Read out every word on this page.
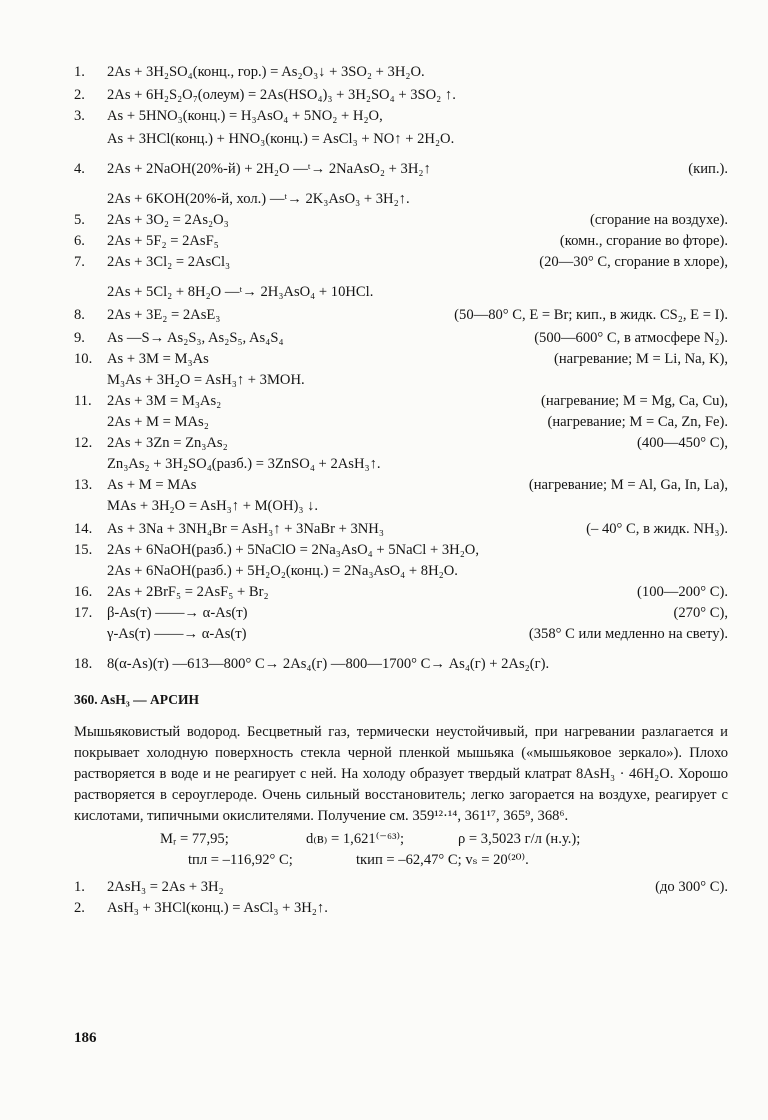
1.	2As + 3H₂SO₄(конц., гор.) = As₂O₃↓ + 3SO₂ + 3H₂O.
2.	2As + 6H₂S₂O₇(олеум) = 2As(HSO₄)₃ + 3H₂SO₄ + 3SO₂ ↑.
3.	As + 5HNO₃(конц.) = H₃AsO₄ + 5NO₂ + H₂O,
As + 3HCl(конц.) + HNO₃(конц.) = AsCl₃ + NO↑ + 2H₂O.
4.	2As + 2NaOH(20%-й) + 2H₂O ―ᵗ→ 2NaAsO₂ + 3H₂↑	(кип.).
2As + 6KOH(20%-й, хол.) ―ᵗ→ 2K₃AsO₃ + 3H₂↑.
5.	2As + 3O₂ = 2As₂O₃	(сгорание на воздухе).
6.	2As + 5F₂ = 2AsF₅	(комн., сгорание во фторе).
7.	2As + 3Cl₂ = 2AsCl₃	(20—30° С, сгорание в хлоре),
2As + 5Cl₂ + 8H₂O ―ᵗ→ 2H₃AsO₄ + 10HCl.
8.	2As + 3E₂ = 2AsE₃	(50—80° С, E = Br; кип., в жидк. CS₂, E = I).
9.	As ―S→ As₂S₃, As₂S₅, As₄S₄	(500—600° С, в атмосфере N₂).
10.	As + 3M = M₃As	(нагревание; M = Li, Na, K),
M₃As + 3H₂O = AsH₃↑ + 3MOH.
11.	2As + 3M = M₃As₂	(нагревание; M = Mg, Ca, Cu),
2As + M = MAs₂	(нагревание; M = Ca, Zn, Fe).
12.	2As + 3Zn = Zn₃As₂	(400—450° С),
Zn₃As₂ + 3H₂SO₄(разб.) = 3ZnSO₄ + 2AsH₃↑.
13.	As + M = MAs	(нагревание; M = Al, Ga, In, La),
MAs + 3H₂O = AsH₃↑ + M(OH)₃ ↓.
14.	As + 3Na + 3NH₄Br = AsH₃↑ + 3NaBr + 3NH₃	(– 40° С, в жидк. NH₃).
15.	2As + 6NaOH(разб.) + 5NaClO = 2Na₃AsO₄ + 5NaCl + 3H₂O,
2As + 6NaOH(разб.) + 5H₂O₂(конц.) = 2Na₃AsO₄ + 8H₂O.
16.	2As + 2BrF₅ = 2AsF₅ + Br₂	(100—200° С).
17.	β-As(т) ――→ α-As(т)	(270° С),
γ-As(т) ――→ α-As(т)	(358° С или медленно на свету).
18.	8(α-As)(т) ―613—800° С→ 2As₄(г) ―800—1700° С→ As₄(г) + 2As₂(г).
360. AsH₃ — АРСИН
Мышьяковистый водород. Бесцветный газ, термически неустойчивый, при нагревании разлагается и покрывает холодную поверхность стекла черной пленкой мышьяка («мышьяковое зеркало»). Плохо растворяется в воде и не реагирует с ней. На холоду образует твердый клатрат 8AsH₃ · 46H₂O. Хорошо растворяется в сероуглероде. Очень сильный восстановитель; легко загорается на воздухе, реагирует с кислотами, типичными окислителями. Получение см. 359¹²·¹⁴, 361¹⁷, 365⁹, 368⁶.
Mᵣ = 77,95;	d₍в₎ = 1,621⁽⁻⁶³⁾;	ρ = 3,5023 г/л (н.у.);
tпл = –116,92° С;	tкип = –62,47° С; vₛ = 20⁽²⁰⁾.
1.	2AsH₃ = 2As + 3H₂	(до 300° С).
2.	AsH₃ + 3HCl(конц.) = AsCl₃ + 3H₂↑.
186
